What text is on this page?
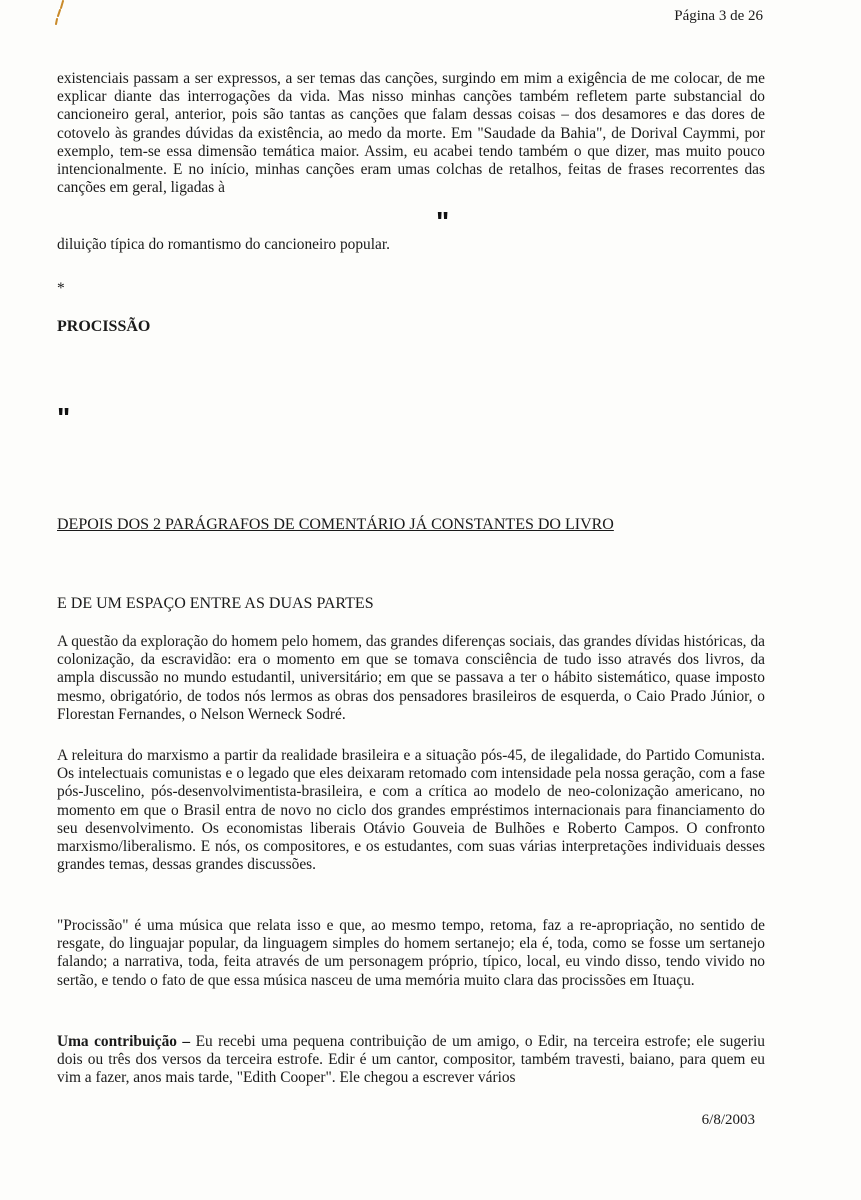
Página 3 de 26

existenciais passam a ser expressos, a ser temas das canções, surgindo em mim a exigência de me colocar, de me explicar diante das interrogações da vida. Mas nisso minhas canções também refletem parte substancial do cancioneiro geral, anterior, pois são tantas as canções que falam dessas coisas – dos desamores e das dores de cotovelo às grandes dúvidas da existência, ao medo da morte. Em "Saudade da Bahia", de Dorival Caymmi, por exemplo, tem-se essa dimensão temática maior. Assim, eu acabei tendo também o que dizer, mas muito pouco intencionalmente. E no início, minhas canções eram umas colchas de retalhos, feitas de frases recorrentes das canções em geral, ligadas à

"
diluição típica do romantismo do cancioneiro popular.
*
PROCISSÃO
"
DEPOIS DOS 2 PARÁGRAFOS DE COMENTÁRIO JÁ CONSTANTES DO LIVRO
E DE UM ESPAÇO ENTRE AS DUAS PARTES

A questão da exploração do homem pelo homem, das grandes diferenças sociais, das grandes dívidas históricas, da colonização, da escravidão: era o momento em que se tomava consciência de tudo isso através dos livros, da ampla discussão no mundo estudantil, universitário; em que se passava a ter o hábito sistemático, quase imposto mesmo, obrigatório, de todos nós lermos as obras dos pensadores brasileiros de esquerda, o Caio Prado Júnior, o Florestan Fernandes, o Nelson Werneck Sodré.

A releitura do marxismo a partir da realidade brasileira e a situação pós-45, de ilegalidade, do Partido Comunista. Os intelectuais comunistas e o legado que eles deixaram retomado com intensidade pela nossa geração, com a fase pós-Juscelino, pós-desenvolvimentista-brasileira, e com a crítica ao modelo de neo-colonização americano, no momento em que o Brasil entra de novo no ciclo dos grandes empréstimos internacionais para financiamento do seu desenvolvimento. Os economistas liberais Otávio Gouveia de Bulhões e Roberto Campos. O confronto marxismo/liberalismo. E nós, os compositores, e os estudantes, com suas várias interpretações individuais desses grandes temas, dessas grandes discussões.

"Procissão" é uma música que relata isso e que, ao mesmo tempo, retoma, faz a re-apropriação, no sentido de resgate, do linguajar popular, da linguagem simples do homem sertanejo; ela é, toda, como se fosse um sertanejo falando; a narrativa, toda, feita através de um personagem próprio, típico, local, eu vindo disso, tendo vivido no sertão, e tendo o fato de que essa música nasceu de uma memória muito clara das procissões em Ituaçu.

Uma contribuição – Eu recebi uma pequena contribuição de um amigo, o Edir, na terceira estrofe; ele sugeriu dois ou três dos versos da terceira estrofe. Edir é um cantor, compositor, também travesti, baiano, para quem eu vim a fazer, anos mais tarde, "Edith Cooper". Ele chegou a escrever vários

6/8/2003
